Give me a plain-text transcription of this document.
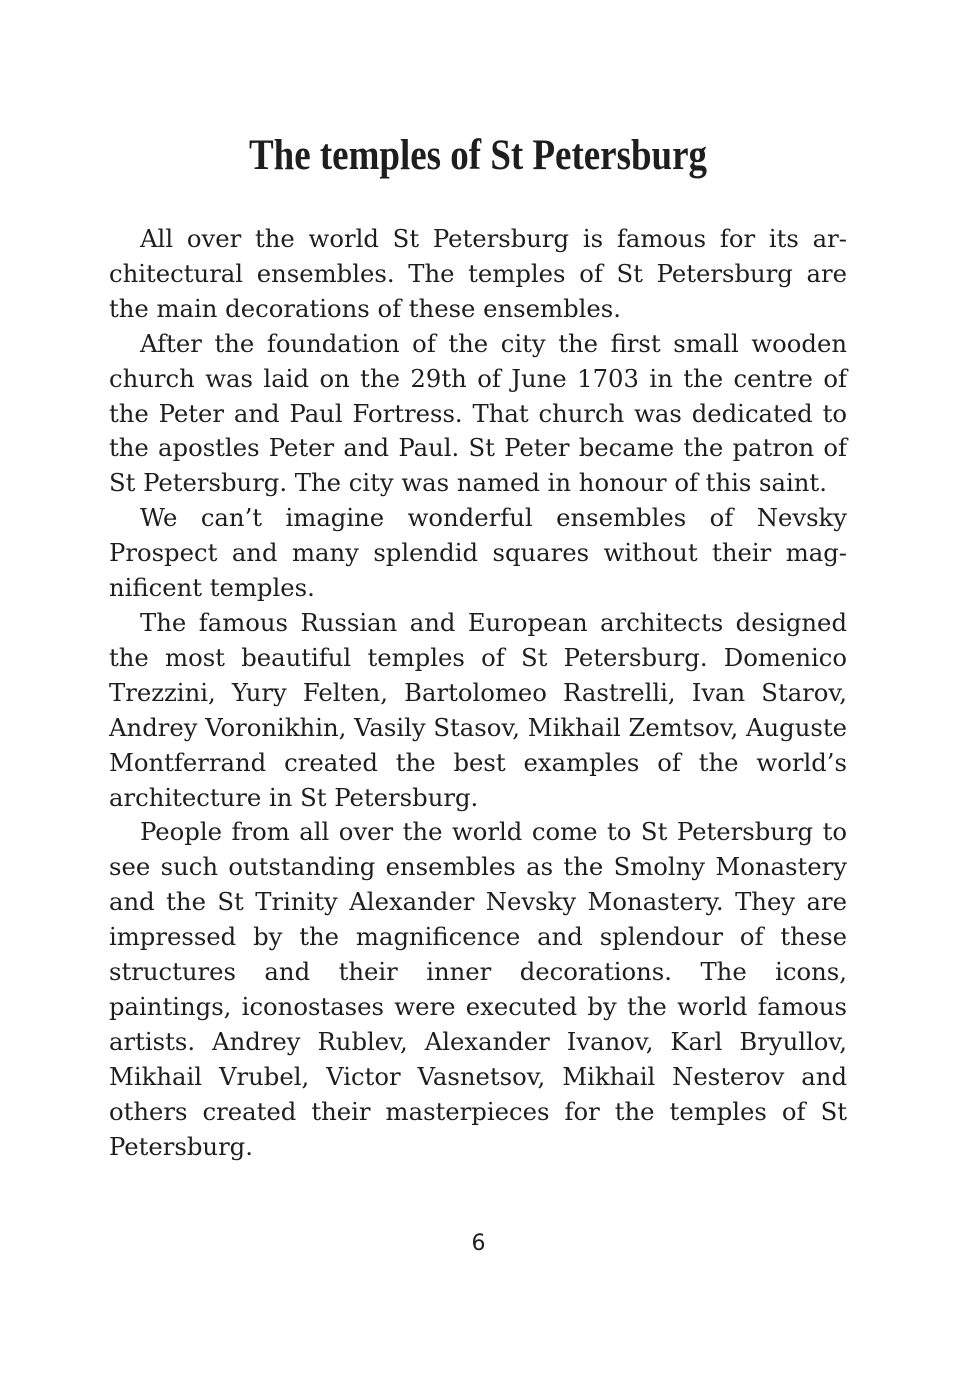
The temples of St Petersburg

All over the world St Petersburg is famous for its architectural ensembles. The temples of St Petersburg are the main decorations of these ensembles.

After the foundation of the city the first small wooden church was laid on the 29th of June 1703 in the centre of the Peter and Paul Fortress. That church was dedicated to the apostles Peter and Paul. St Peter became the patron of St Petersburg. The city was named in honour of this saint.

We can’t imagine wonderful ensembles of Nevsky Prospect and many splendid squares without their magnificent temples.

The famous Russian and European architects designed the most beautiful temples of St Petersburg. Domenico Trezzini, Yury Felten, Bartolomeo Rastrelli, Ivan Starov, Andrey Voronikhin, Vasily Stasov, Mikhail Zemtsov, Auguste Montferrand created the best examples of the world’s architecture in St Petersburg.

People from all over the world come to St Petersburg to see such outstanding ensembles as the Smolny Monastery and the St Trinity Alexander Nevsky Monastery. They are impressed by the magnificence and splendour of these structures and their inner decorations. The icons, paintings, iconostases were executed by the world famous artists. Andrey Rublev, Alexander Ivanov, Karl Bryullov, Mikhail Vrubel, Victor Vasnetsov, Mikhail Nesterov and others created their masterpieces for the temples of St Petersburg.

6
